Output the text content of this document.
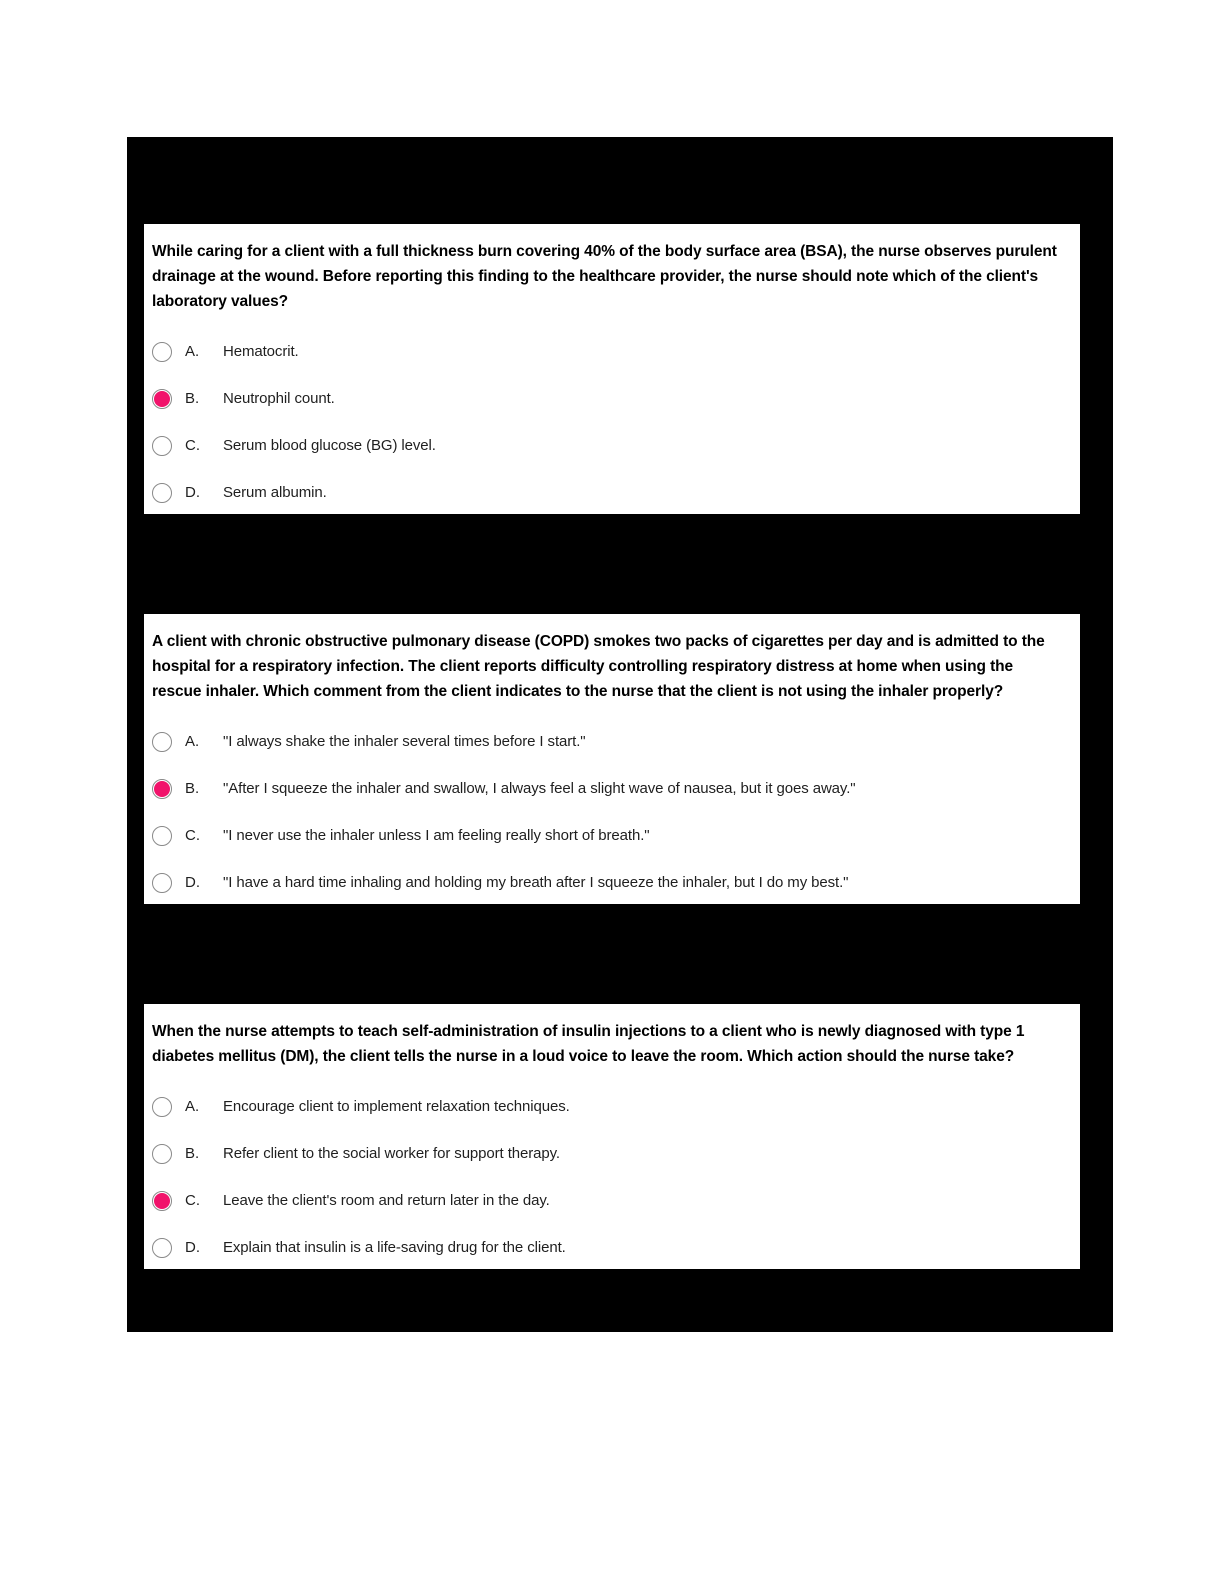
While caring for a client with a full thickness burn covering 40% of the body surface area (BSA), the nurse observes purulent drainage at the wound. Before reporting this finding to the healthcare provider, the nurse should note which of the client's laboratory values?

A.	Hematocrit.
B.	Neutrophil count.
C.	Serum blood glucose (BG) level.
D.	Serum albumin.

A client with chronic obstructive pulmonary disease (COPD) smokes two packs of cigarettes per day and is admitted to the hospital for a respiratory infection. The client reports difficulty controlling respiratory distress at home when using the rescue inhaler. Which comment from the client indicates to the nurse that the client is not using the inhaler properly?

A.	"I always shake the inhaler several times before I start."
B.	"After I squeeze the inhaler and swallow, I always feel a slight wave of nausea, but it goes away."
C.	"I never use the inhaler unless I am feeling really short of breath."
D.	"I have a hard time inhaling and holding my breath after I squeeze the inhaler, but I do my best."

When the nurse attempts to teach self-administration of insulin injections to a client who is newly diagnosed with type 1 diabetes mellitus (DM), the client tells the nurse in a loud voice to leave the room. Which action should the nurse take?

A.	Encourage client to implement relaxation techniques.
B.	Refer client to the social worker for support therapy.
C.	Leave the client's room and return later in the day.
D.	Explain that insulin is a life-saving drug for the client.
